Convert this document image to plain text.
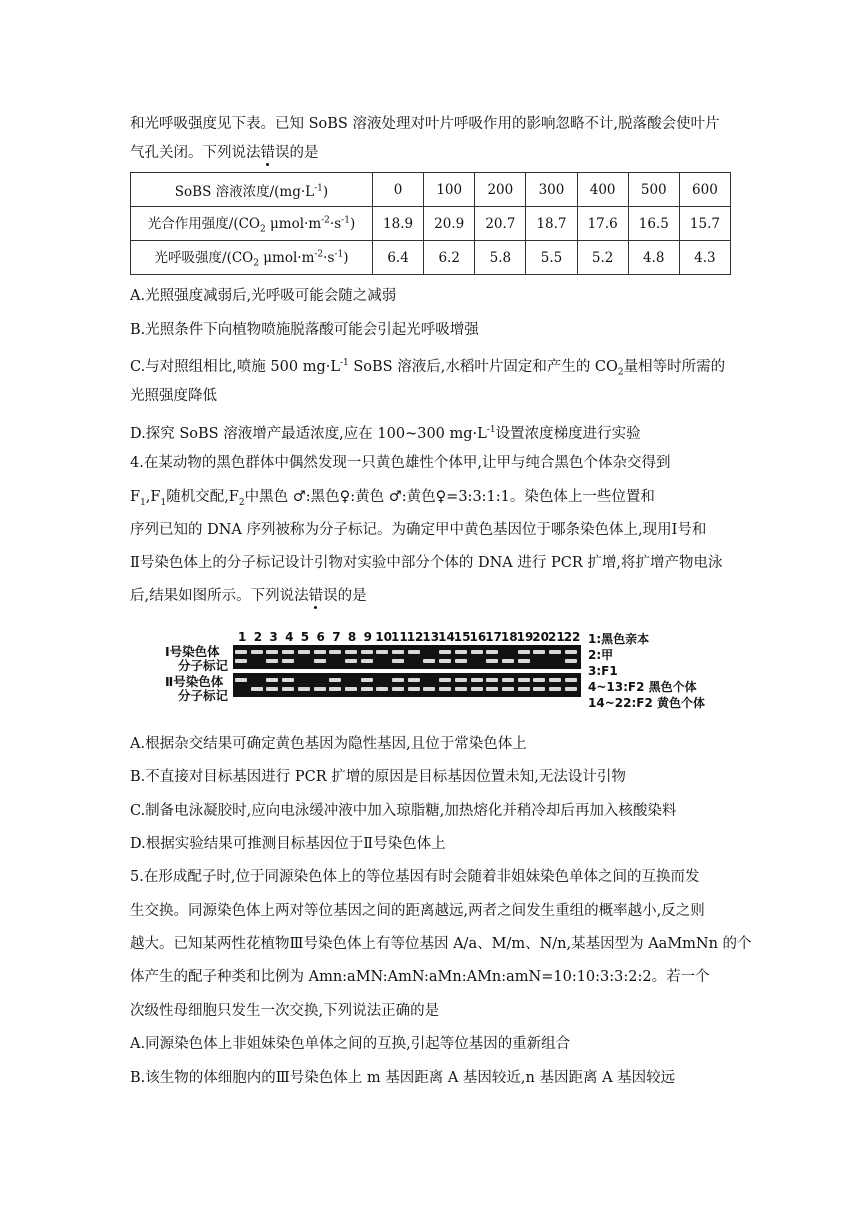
和光呼吸强度见下表。已知 SoBS 溶液处理对叶片呼吸作用的影响忽略不计,脱落酸会使叶片
气孔关闭。下列说法错误的是
SoBS 溶液浓度$/(mg\cdot L^{-1})$	0	100	200	300	400	500	600
光合作用强度$/(CO_2$ $\mu mol\cdot m^{-2}\cdot s^{-1}$)	18.9	20.9	20.7	18.7	17.6	16.5	15.7
光呼吸强度$/(CO_2$ $\mu mol\cdot m^{-2}\cdot s^{-1}$)	6.4	6.2	5.8	5.5	5.2	4.8	4.3
A.光照强度减弱后,光呼吸可能会随之减弱
B.光照条件下向植物喷施脱落酸可能会引起光呼吸增强
C.与对照组相比,喷施 500 $mg\cdot L^{-1}$ SoBS 溶液后,水稻叶片固定和产生的 $CO_2$量相等时所需的
光照强度降低
D.探究 SoBS 溶液增产最适浓度,应在 100~300 $mg\cdot L^{-1}$设置浓度梯度进行实验
4.在某动物的黑色群体中偶然发现一只黄色雄性个体甲,让甲与纯合黑色个体杂交得到
$F_1,F_1$随机交配$,F_2$中黑色 ♂:黑色♀:黄色 ♂:黄色♀=3:3:1:1。染色体上一些位置和
序列已知的 DNA 序列被称为分子标记。为确定甲中黄色基因位于哪条染色体上,现用Ⅰ号和
Ⅱ号染色体上的分子标记设计引物对实验中部分个体的 DNA 进行 PCR 扩增,将扩增产物电泳
后,结果如图所示。下列说法错误的是
Ⅰ号染色体
分子标记
Ⅱ号染色体
分子标记
1 2 3 4 5 6 7 8 9 10 11
12 13 14 15 16
17 18 19 20 21
22 1:黑色亲本
2:甲
3:F1
4~13:F2 黑色个体
14~22:F2 黄色个体
A.根据杂交结果可确定黄色基因为隐性基因,且位于常染色体上
B.不直接对目标基因进行 PCR 扩增的原因是目标基因位置未知,无法设计引物
C.制备电泳凝胶时,应向电泳缓冲液中加入琼脂糖,加热熔化并稍冷却后再加入核酸染料
D.根据实验结果可推测目标基因位于Ⅱ号染色体上
5.在形成配子时,位于同源染色体上的等位基因有时会随着非姐妹染色单体之间的互换而发
生交换。同源染色体上两对等位基因之间的距离越远,两者之间发生重组的概率越小,反之则
越大。已知某两性花植物Ⅲ号染色体上有等位基因 A/a、M/m、N/n,某基因型为 AaMmNn 的个
体产生的配子种类和比例为 Amn:aMN:AmN:aMn:AMn:amN=10:10:3:3:2:2。若一个
次级性母细胞只发生一次交换,下列说法正确的是
A.同源染色体上非姐妹染色单体之间的互换,引起等位基因的重新组合
B.该生物的体细胞内的Ⅲ号染色体上 m 基因距离 A 基因较近,n 基因距离 A 基因较远
